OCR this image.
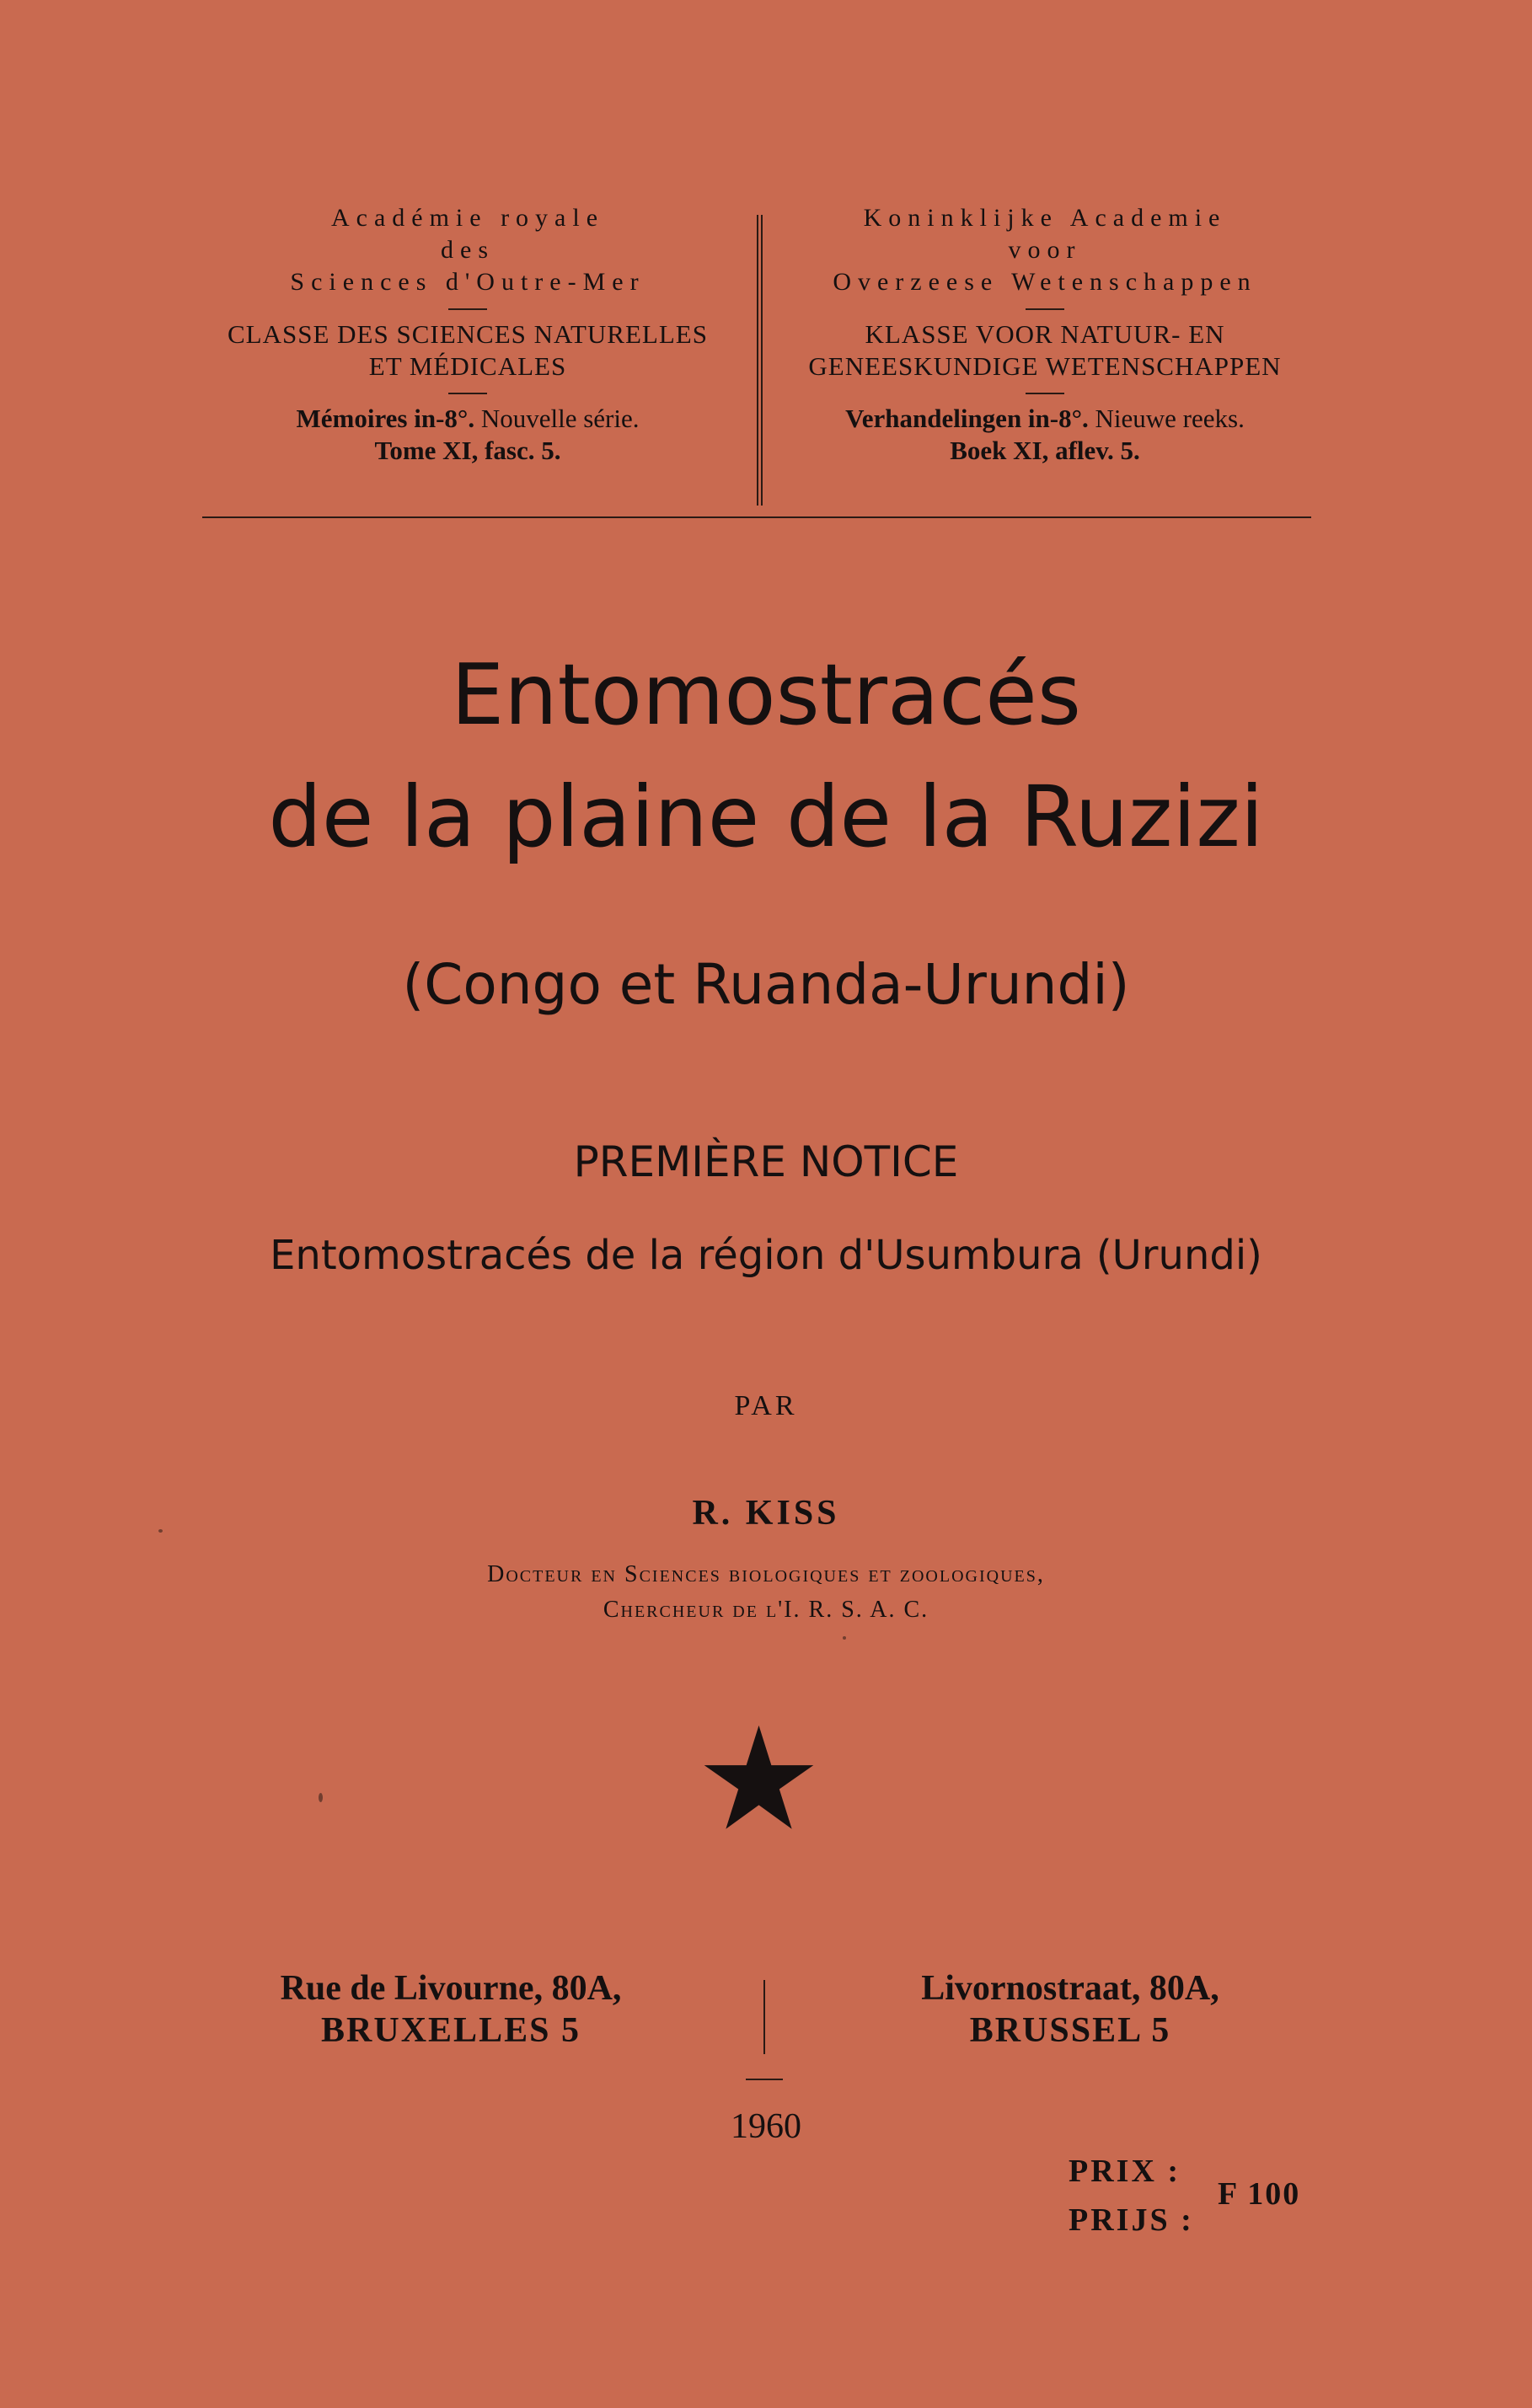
Académie royale
des
Sciences d'Outre-Mer
CLASSE DES SCIENCES NATURELLES
ET MÉDICALES
Mémoires in-8°. Nouvelle série.
Tome XI, fasc. 5.
Koninklijke Academie
voor
Overzeese Wetenschappen
KLASSE VOOR NATUUR- EN
GENEESKUNDIGE WETENSCHAPPEN
Verhandelingen in-8°. Nieuwe reeks.
Boek XI, aflev. 5.
Entomostracés
de la plaine de la Ruzizi
(Congo et Ruanda-Urundi)
PREMIÈRE NOTICE
Entomostracés de la région d'Usumbura (Urundi)
PAR
R. KISS
Docteur en Sciences biologiques et zoologiques,
Chercheur de l'I. R. S. A. C.
Rue de Livourne, 80A,
BRUXELLES 5
Livornostraat, 80A,
BRUSSEL 5
1960
PRIX :
PRIJS :
F 100
